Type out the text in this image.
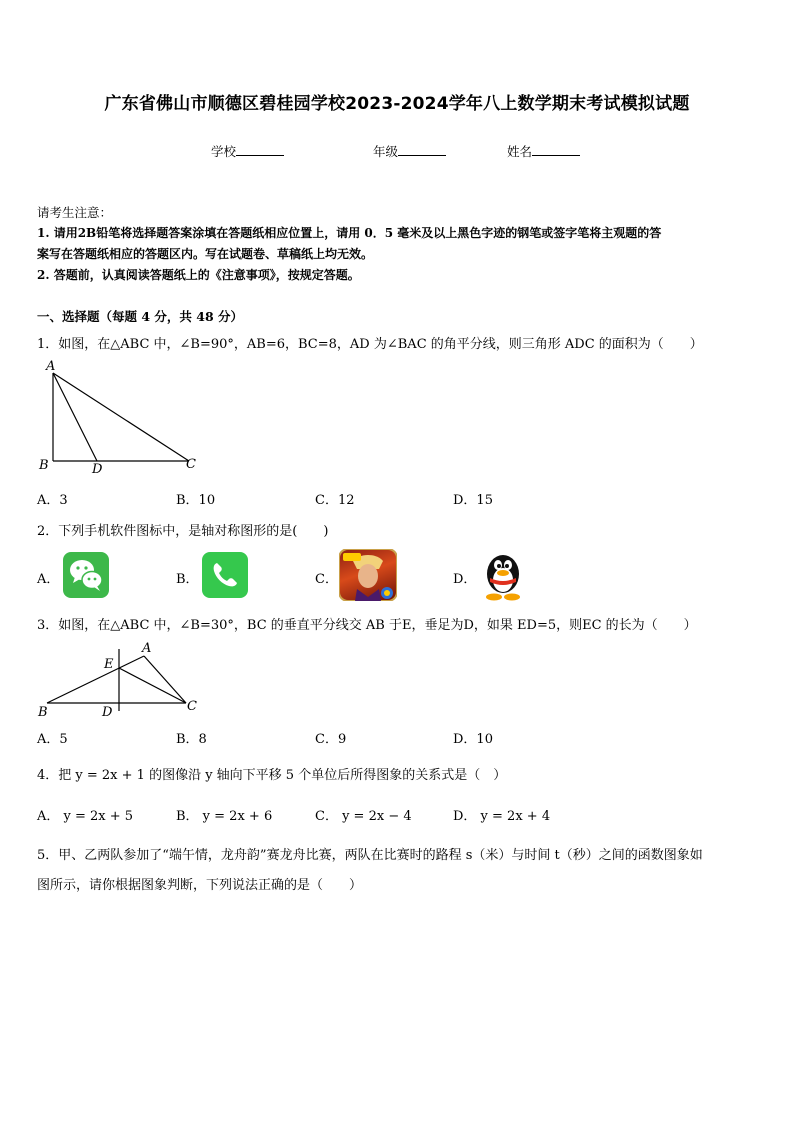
广东省佛山市顺德区碧桂园学校2023-2024学年八上数学期末考试模拟试题
学校	年级	姓名
请考生注意：
1. 请用2B铅笔将选择题答案涂填在答题纸相应位置上，请用 0．5 毫米及以上黑色字迹的钢笔或签字笔将主观题的答
案写在答题纸相应的答题区内。写在试题卷、草稿纸上均无效。
2. 答题前，认真阅读答题纸上的《注意事项》，按规定答题。
一、选择题（每题 4 分，共 48 分）
1．如图，在△ABC 中，∠B=90°，AB=6，BC=8，AD 为∠BAC 的角平分线，则三角形 ADC 的面积为（　　）
A
B	D	C
A．3	B．10	C．12	D．15
2．下列手机软件图标中，是轴对称图形的是(　　)
A．	B．	C．	D．
3．如图，在△ABC 中，∠B=30°，BC 的垂直平分线交 AB 于E，垂足为D，如果 ED=5，则EC 的长为（　　）
A
E
B	D	C
A．5	B．8	C．9	D．10
4．把 y = 2x + 1 的图像沿 y 轴向下平移 5 个单位后所得图象的关系式是（　）
A． y = 2x + 5	B． y = 2x + 6	C． y = 2x − 4	D． y = 2x + 4
5．甲、乙两队参加了“端午情，龙舟韵”赛龙舟比赛，两队在比赛时的路程 s（米）与时间 t（秒）之间的函数图象如
图所示，请你根据图象判断，下列说法正确的是（　　）
